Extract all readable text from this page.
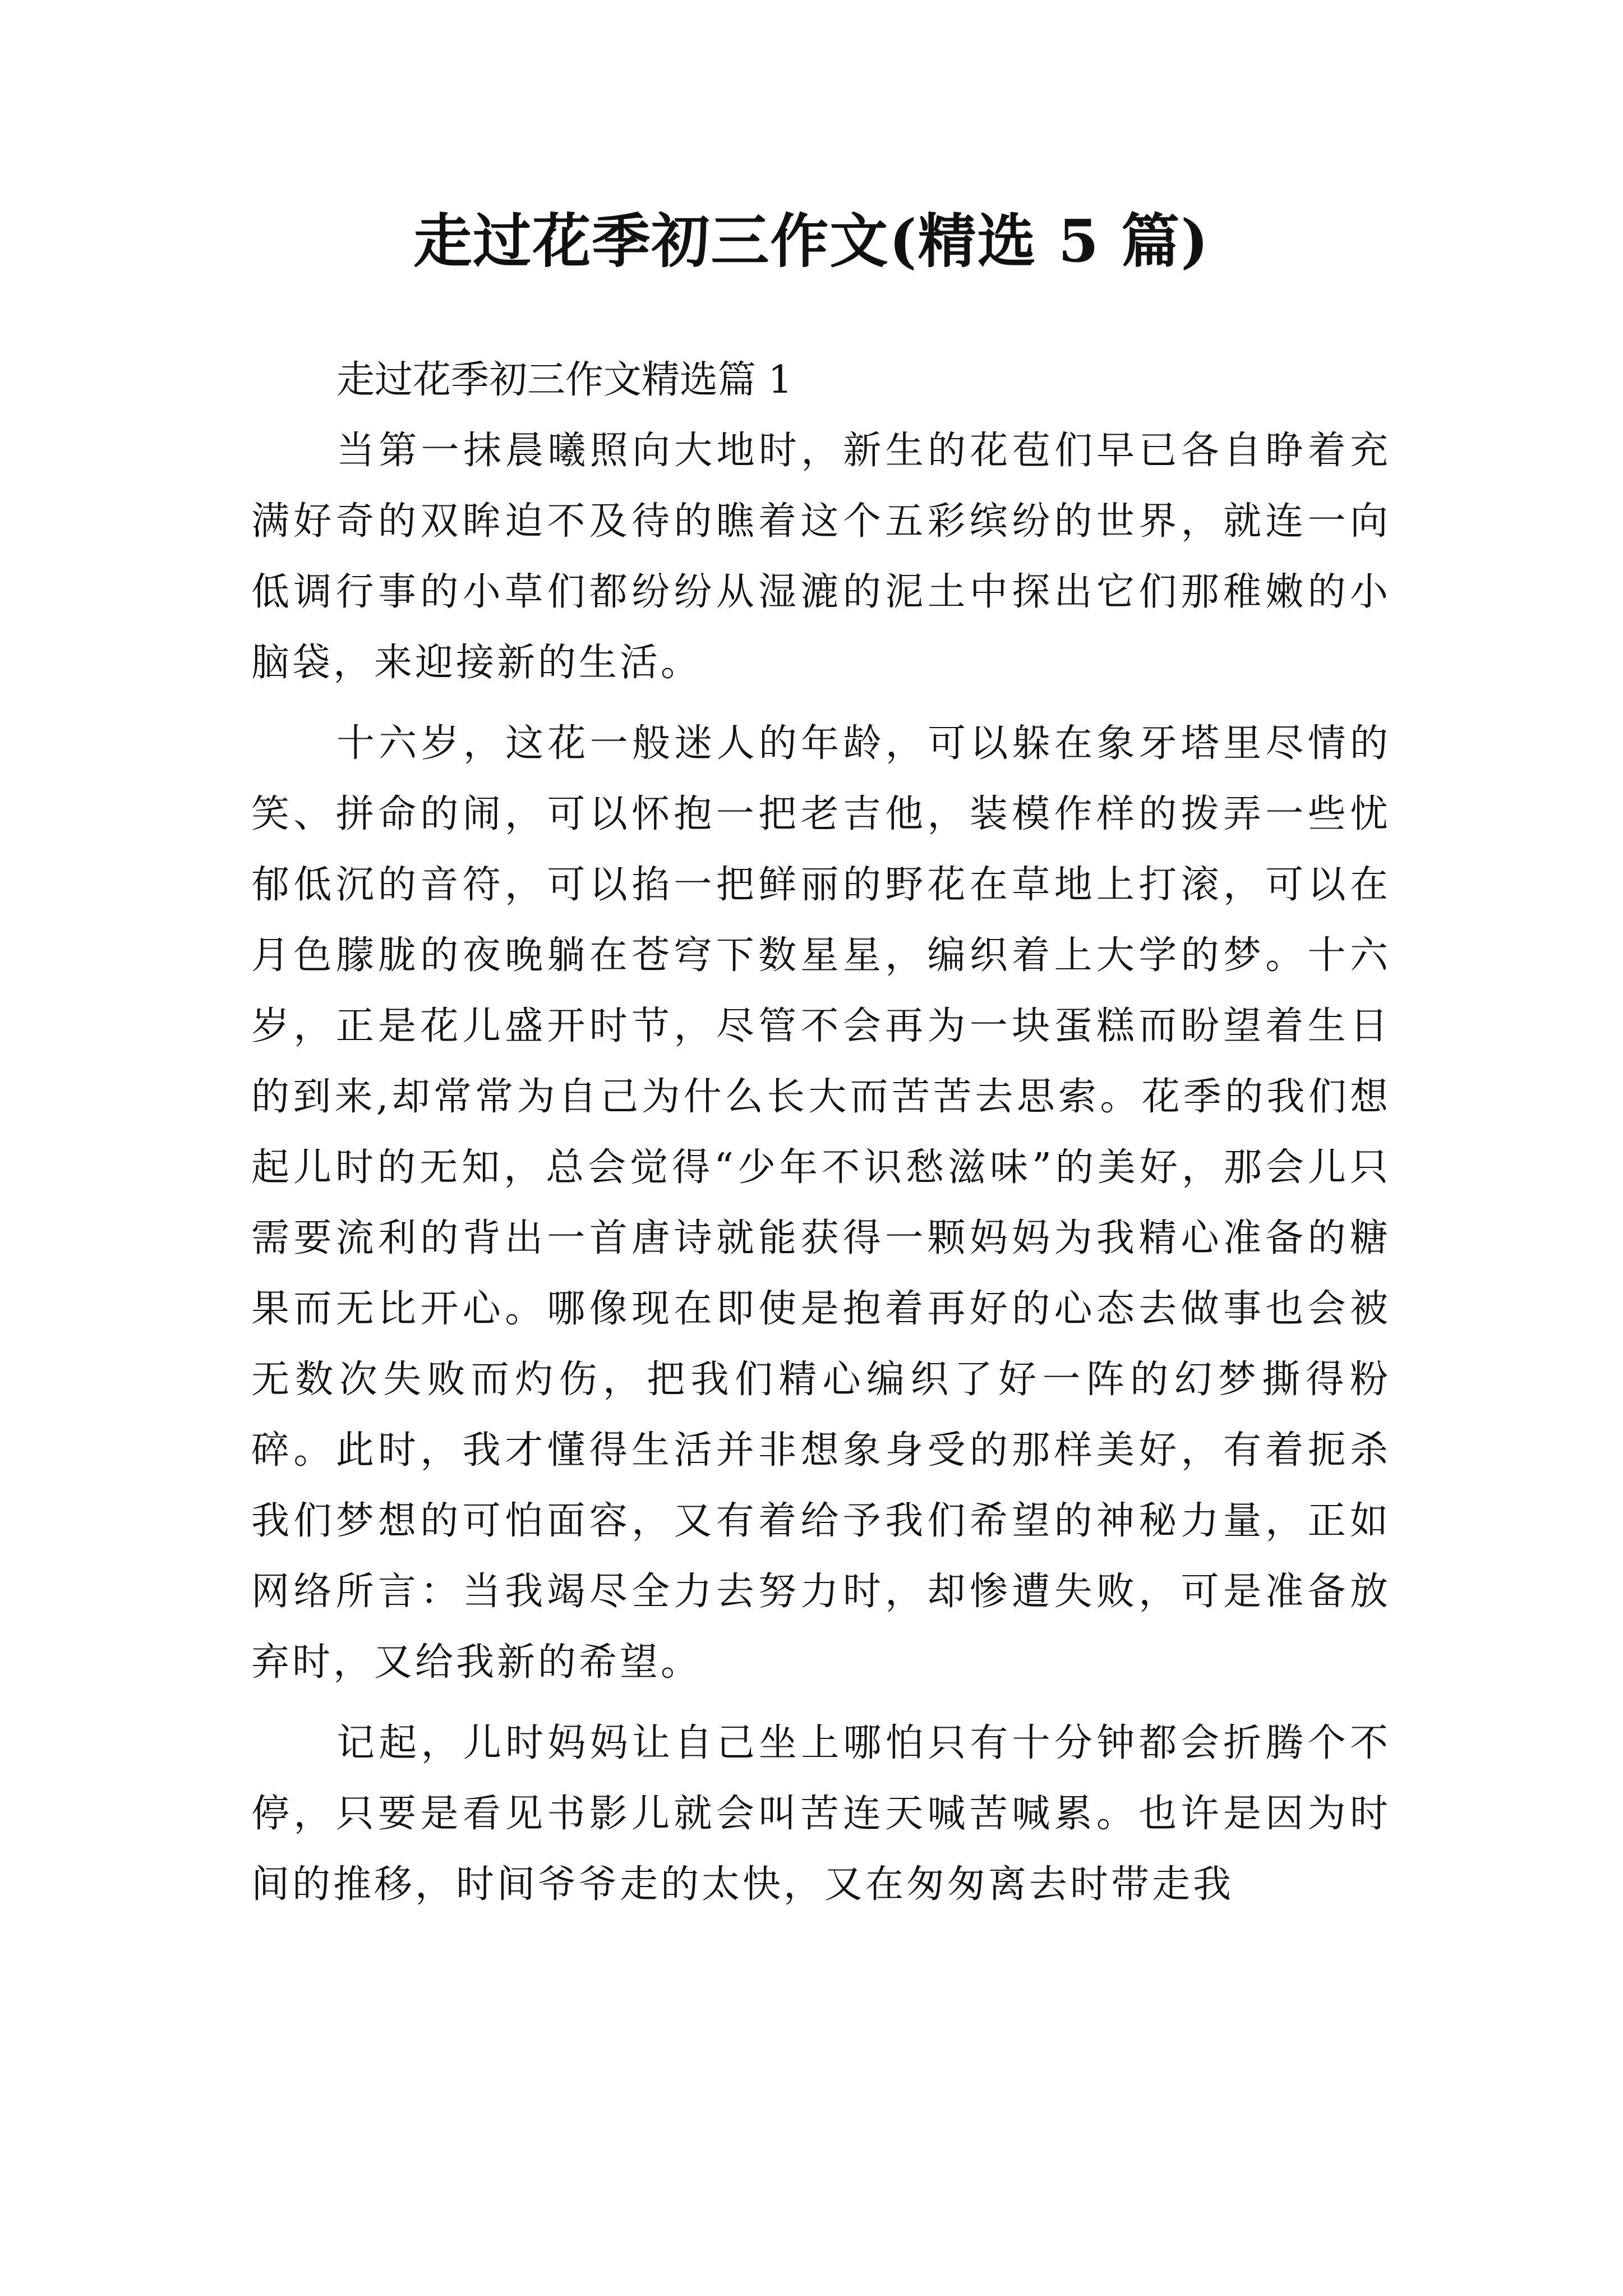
走过花季初三作文(精选 5 篇)

走过花季初三作文精选篇 1

当第一抹晨曦照向大地时，新生的花苞们早已各自睁着充满好奇的双眸迫不及待的瞧着这个五彩缤纷的世界，就连一向低调行事的小草们都纷纷从湿漉的泥土中探出它们那稚嫩的小脑袋，来迎接新的生活。

十六岁，这花一般迷人的年龄，可以躲在象牙塔里尽情的笑、拼命的闹，可以怀抱一把老吉他，装模作样的拨弄一些忧郁低沉的音符，可以掐一把鲜丽的野花在草地上打滚，可以在月色朦胧的夜晚躺在苍穹下数星星，编织着上大学的梦。十六岁，正是花儿盛开时节，尽管不会再为一块蛋糕而盼望着生日的到来,却常常为自己为什么长大而苦苦去思索。花季的我们想起儿时的无知，总会觉得“少年不识愁滋味”的美好，那会儿只需要流利的背出一首唐诗就能获得一颗妈妈为我精心准备的糖果而无比开心。哪像现在即使是抱着再好的心态去做事也会被无数次失败而灼伤，把我们精心编织了好一阵的幻梦撕得粉碎。此时，我才懂得生活并非想象身受的那样美好，有着扼杀我们梦想的可怕面容，又有着给予我们希望的神秘力量，正如网络所言：当我竭尽全力去努力时，却惨遭失败，可是准备放弃时，又给我新的希望。

记起，儿时妈妈让自己坐上哪怕只有十分钟都会折腾个不停，只要是看见书影儿就会叫苦连天喊苦喊累。也许是因为时间的推移，时间爷爷走的太快，又在匆匆离去时带走我
